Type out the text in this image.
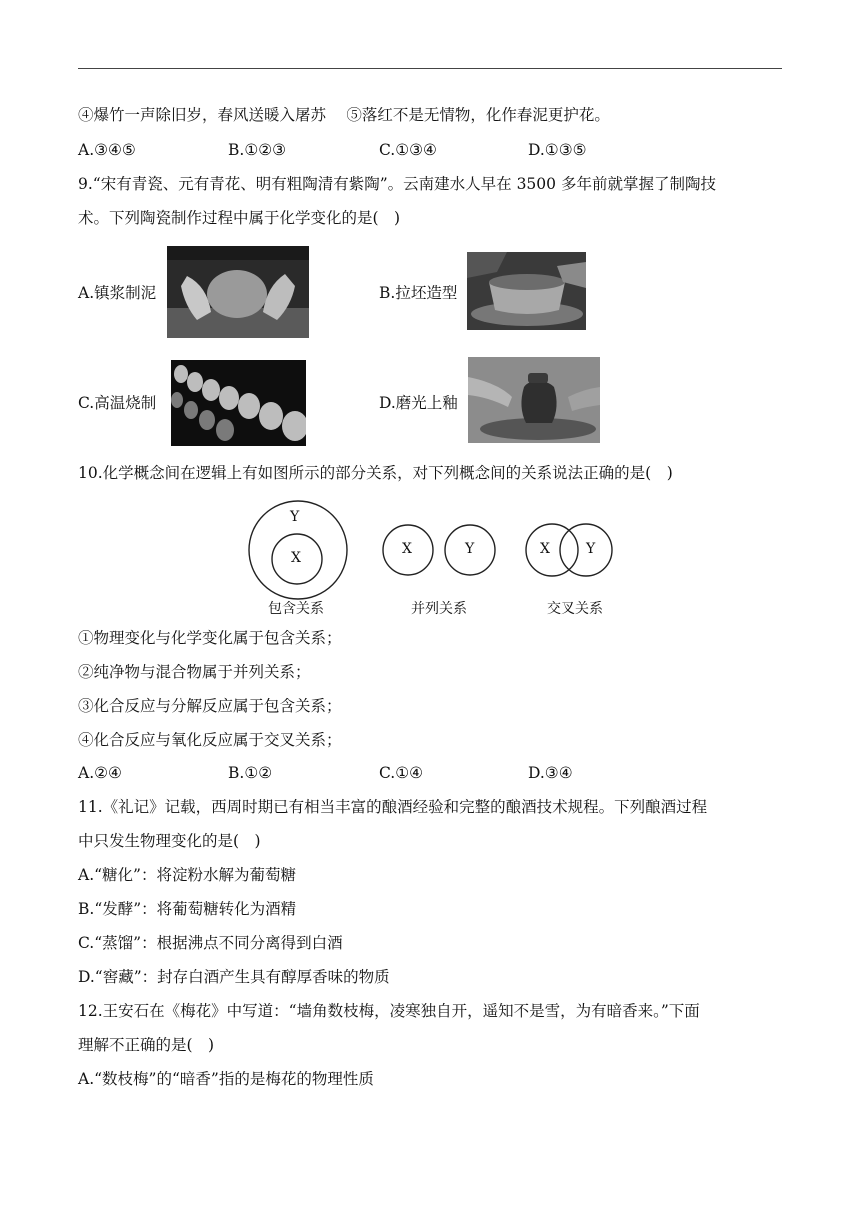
④爆竹一声除旧岁，春风送暖入屠苏　 ⑤落红不是无情物，化作春泥更护花。
A.③④⑤	B.①②③	C.①③④	D.①③⑤
9.“宋有青瓷、元有青花、明有粗陶清有紫陶”。云南建水人早在 3500 多年前就掌握了制陶技
术。下列陶瓷制作过程中属于化学变化的是(　)
A.镇浆制泥	B.拉坯造型
C.高温烧制	D.磨光上釉
10.化学概念间在逻辑上有如图所示的部分关系，对下列概念间的关系说法正确的是(　)
Y
X
X	Y	X	Y
包含关系	并列关系	交叉关系
①物理变化与化学变化属于包含关系；
②纯净物与混合物属于并列关系；
③化合反应与分解反应属于包含关系；
④化合反应与氧化反应属于交叉关系；
A.②④	B.①②	C.①④	D.③④
11.《礼记》记载，西周时期已有相当丰富的酿酒经验和完整的酿酒技术规程。下列酿酒过程
中只发生物理变化的是(　)
A.“糖化”：将淀粉水解为葡萄糖
B.“发酵”：将葡萄糖转化为酒精
C.“蒸馏”：根据沸点不同分离得到白酒
D.“窖藏”：封存白酒产生具有醇厚香味的物质
12.王安石在《梅花》中写道：“墙角数枝梅，凌寒独自开，遥知不是雪，为有暗香来。”下面
理解不正确的是(　)
A.“数枝梅”的“暗香”指的是梅花的物理性质
